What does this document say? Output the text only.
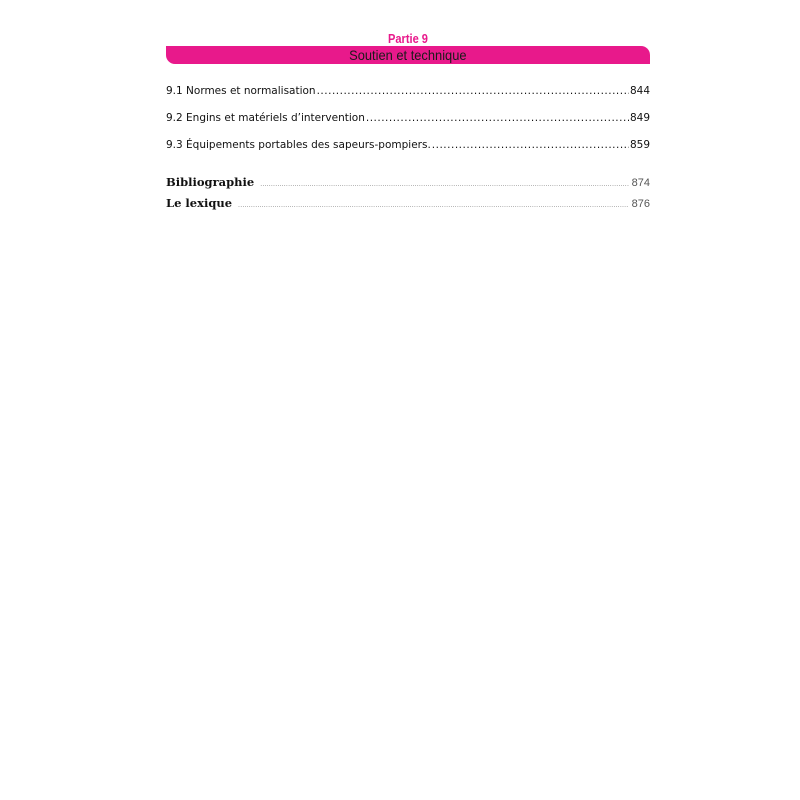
Partie 9
Soutien et technique
9.1 Normes et normalisation .....	844
9.2 Engins et matériels d’intervention .....	849
9.3 Équipements portables des sapeurs-pompiers. .....	859
Bibliographie .....	874
Le lexique .....	876
